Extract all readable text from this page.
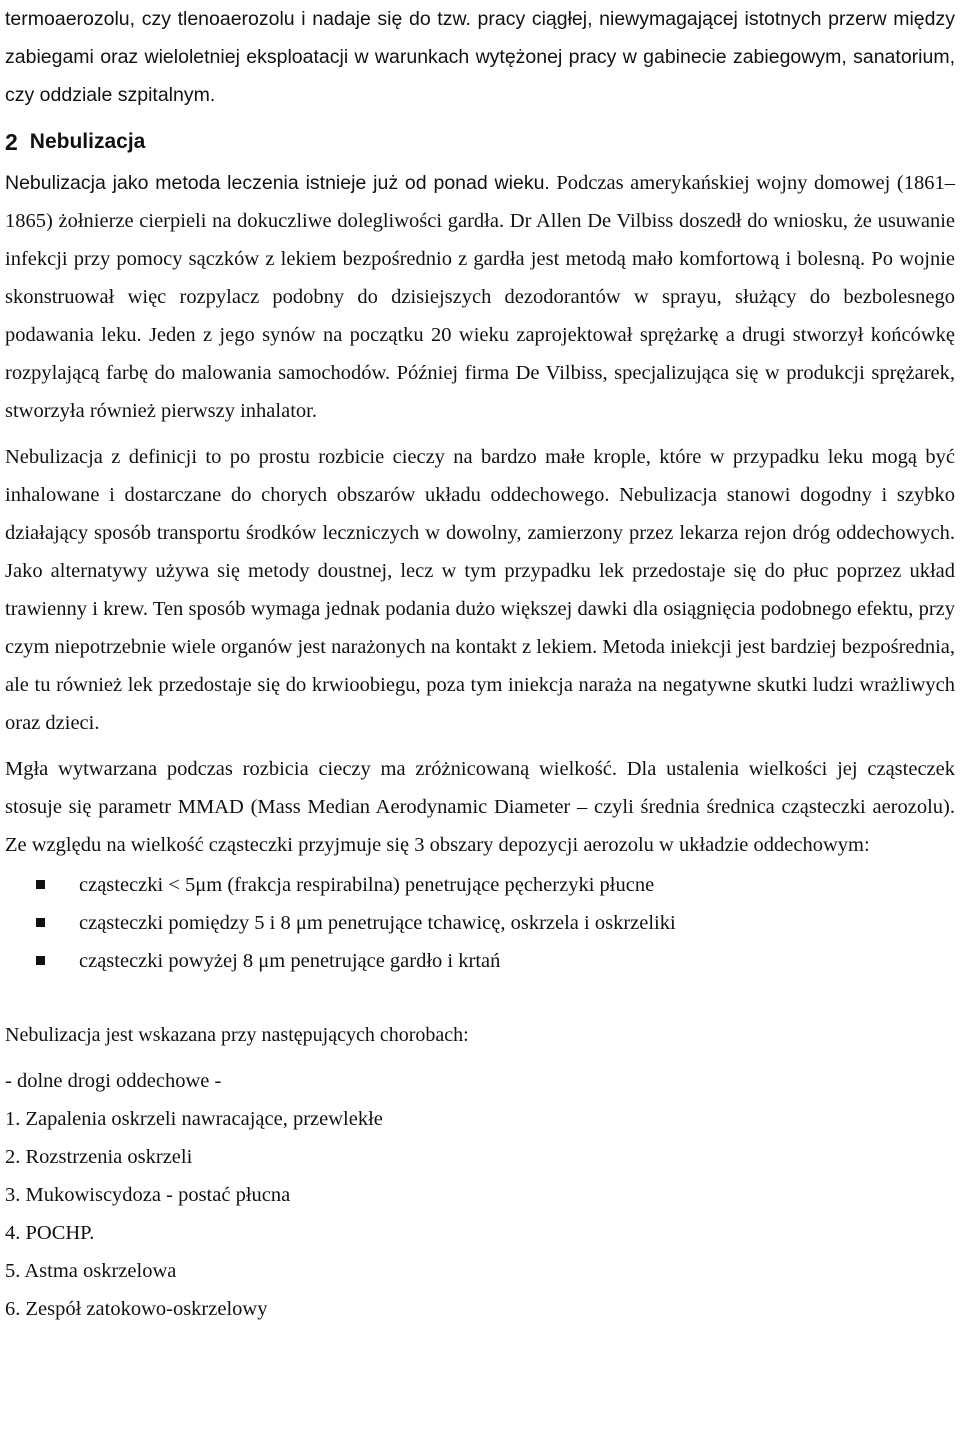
termoaerozolu, czy tlenoaerozolu i nadaje się do tzw. pracy ciągłej, niewymagającej istotnych przerw między zabiegami oraz wieloletniej eksploatacji w warunkach wytężonej pracy w gabinecie zabiegowym, sanatorium, czy oddziale szpitalnym.

2 Nebulizacja

Nebulizacja jako metoda leczenia istnieje już od ponad wieku. Podczas amerykańskiej wojny domowej (1861–1865) żołnierze cierpieli na dokuczliwe dolegliwości gardła. Dr Allen De Vilbiss doszedł do wniosku, że usuwanie infekcji przy pomocy sączków z lekiem bezpośrednio z gardła jest metodą mało komfortową i bolesną. Po wojnie skonstruował więc rozpylacz podobny do dzisiejszych dezodorantów w sprayu, służący do bezbolesnego podawania leku. Jeden z jego synów na początku 20 wieku zaprojektował sprężarkę a drugi stworzył końcówkę rozpylającą farbę do malowania samochodów. Później firma De Vilbiss, specjalizująca się w produkcji sprężarek, stworzyła również pierwszy inhalator.

Nebulizacja z definicji to po prostu rozbicie cieczy na bardzo małe krople, które w przypadku leku mogą być inhalowane i dostarczane do chorych obszarów układu oddechowego. Nebulizacja stanowi dogodny i szybko działający sposób transportu środków leczniczych w dowolny, zamierzony przez lekarza rejon dróg oddechowych. Jako alternatywy używa się metody doustnej, lecz w tym przypadku lek przedostaje się do płuc poprzez układ trawienny i krew. Ten sposób wymaga jednak podania dużo większej dawki dla osiągnięcia podobnego efektu, przy czym niepotrzebnie wiele organów jest narażonych na kontakt z lekiem. Metoda iniekcji jest bardziej bezpośrednia, ale tu również lek przedostaje się do krwioobiegu, poza tym iniekcja naraża na negatywne skutki ludzi wrażliwych oraz dzieci.

Mgła wytwarzana podczas rozbicia cieczy ma zróżnicowaną wielkość. Dla ustalenia wielkości jej cząsteczek stosuje się parametr MMAD (Mass Median Aerodynamic Diameter – czyli średnia średnica cząsteczki aerozolu). Ze względu na wielkość cząsteczki przyjmuje się 3 obszary depozycji aerozolu w układzie oddechowym:

cząsteczki < 5μm (frakcja respirabilna) penetrujące pęcherzyki płucne
cząsteczki pomiędzy 5 i 8 μm penetrujące tchawicę, oskrzela i oskrzeliki
cząsteczki powyżej 8 μm penetrujące gardło i krtań

Nebulizacja jest wskazana przy następujących chorobach:

- dolne drogi oddechowe -

1. Zapalenia oskrzeli nawracające, przewlekłe

2. Rozstrzenia oskrzeli

3. Mukowiscydoza - postać płucna

4. POCHP.

5. Astma oskrzelowa

6. Zespół zatokowo-oskrzelowy
